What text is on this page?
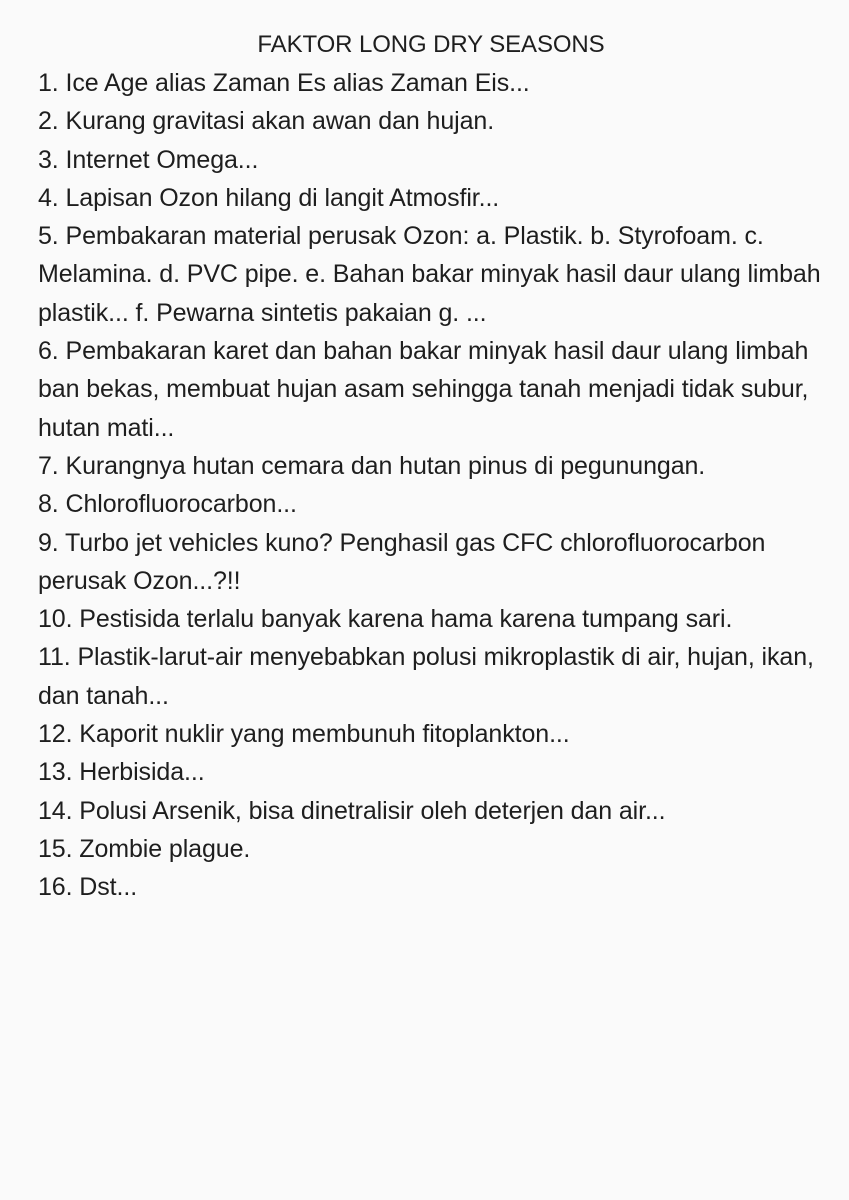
FAKTOR LONG DRY SEASONS
1. Ice Age alias Zaman Es alias Zaman Eis...
2. Kurang gravitasi akan awan dan hujan.
3. Internet Omega...
4. Lapisan Ozon hilang di langit Atmosfir...
5. Pembakaran material perusak Ozon: a. Plastik. b. Styrofoam. c. Melamina. d. PVC pipe. e. Bahan bakar minyak hasil daur ulang limbah plastik... f. Pewarna sintetis pakaian g. ...
6. Pembakaran karet dan bahan bakar minyak hasil daur ulang limbah ban bekas, membuat hujan asam sehingga tanah menjadi tidak subur, hutan mati...
7. Kurangnya hutan cemara dan hutan pinus di pegunungan.
8. Chlorofluorocarbon...
9. Turbo jet vehicles kuno? Penghasil gas CFC chlorofluorocarbon perusak Ozon...?!!
10. Pestisida terlalu banyak karena hama karena tumpang sari.
11. Plastik-larut-air menyebabkan polusi mikroplastik di air, hujan, ikan, dan tanah...
12. Kaporit nuklir yang membunuh fitoplankton...
13. Herbisida...
14. Polusi Arsenik, bisa dinetralisir oleh deterjen dan air...
15. Zombie plague.
16. Dst...
